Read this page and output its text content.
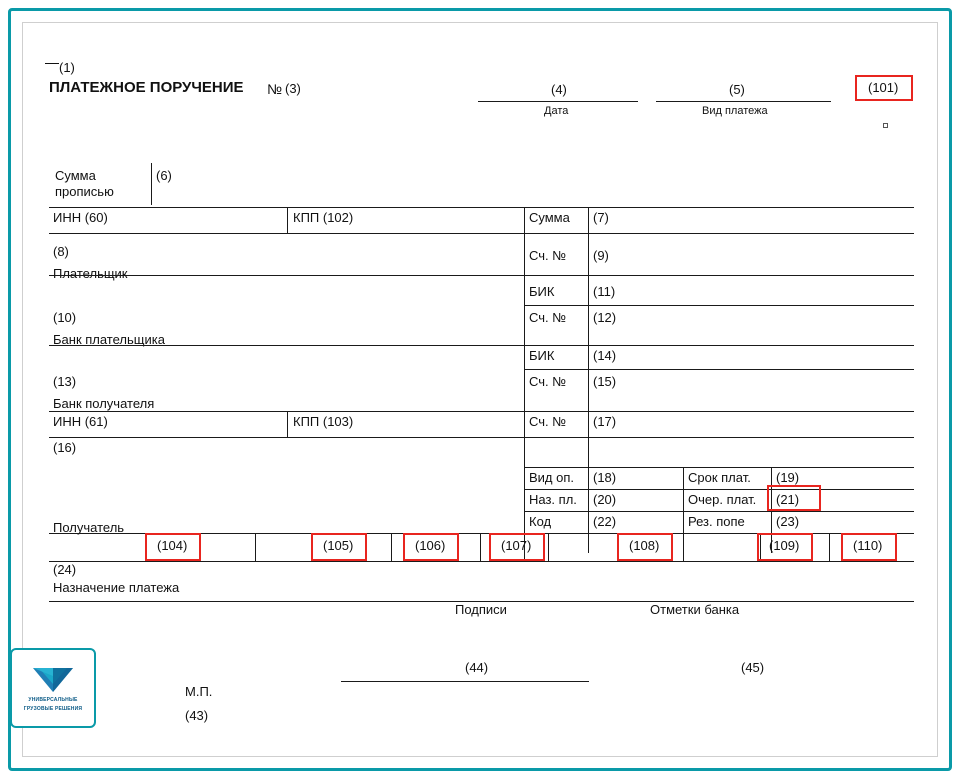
(1)
ПЛАТЕЖНОЕ ПОРУЧЕНИЕ № (3)	(4)
Дата
(5)
Вид платежа
(101)
Сумма
прописью
(6)
ИНН (60)	КПП (102)	Сумма (7)
(8)
Плательщик
Сч. № (9)
БИК	(11)
Сч. № (12)
(10)
Банк плательщика
БИК	(14)
Сч. № (15)
(13)
Банк получателя
ИНН (61)	КПП (103)	Сч. № (17)
(16)
Получатель
Вид оп. (18)	Срок плат. (19)
Наз. пл. (20)	Очер. плат. (21)
Код	(22)	Рез. попе (23)
(104)	(105)	(106)	(107)	(108)	(109)	(110)
(24)
Назначение платежа
Подписи	Отметки банка
(44)	(45)
М.П.
(43)
УНИВЕРСАЛЬНЫЕ
ГРУЗОВЫЕ РЕШЕНИЯ
